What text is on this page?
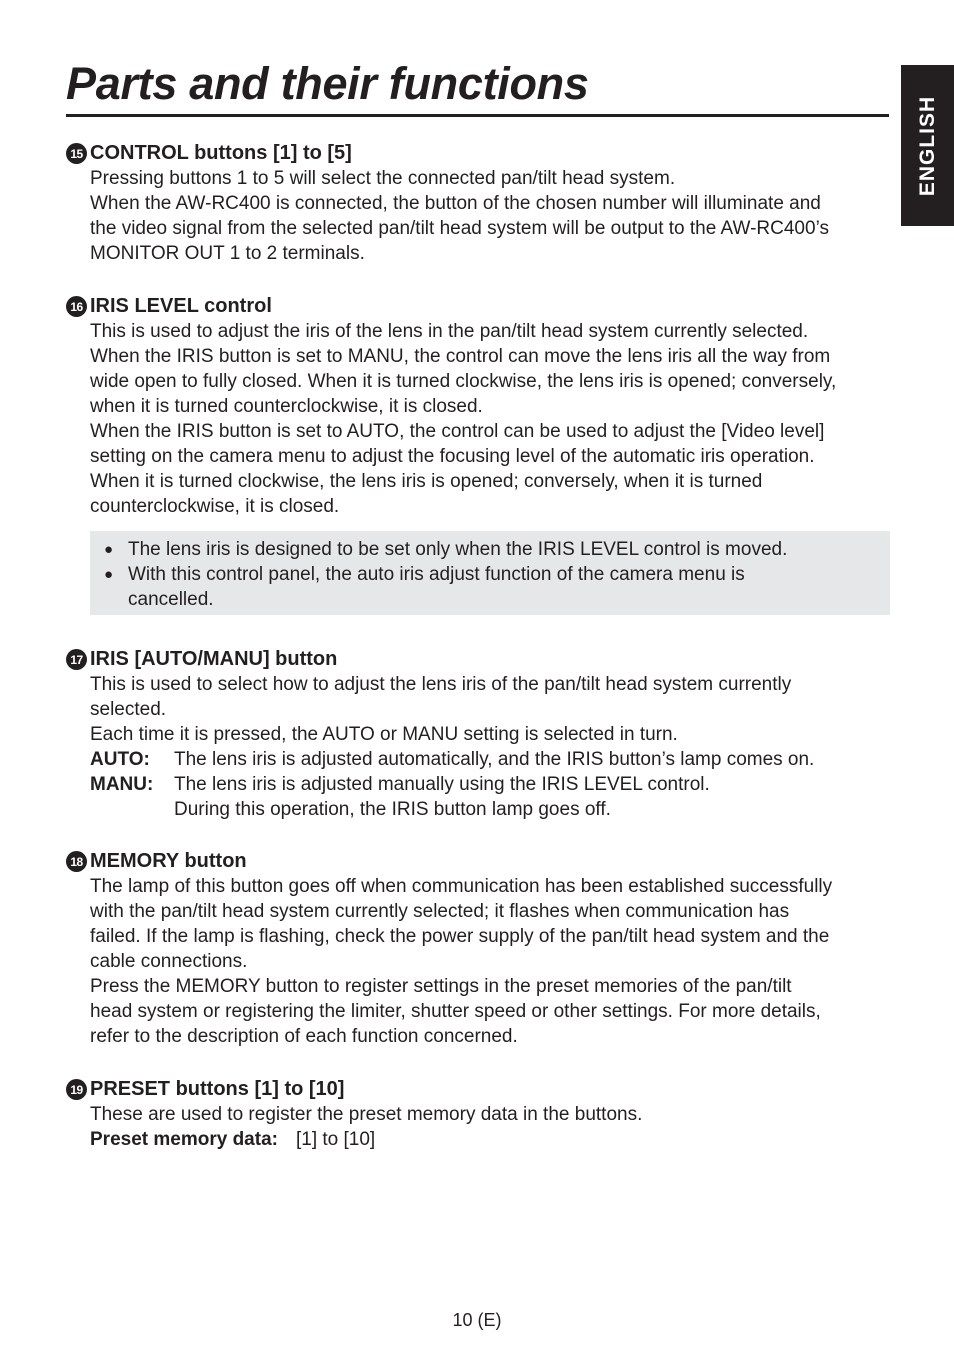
Parts and their functions
ENGLISH
15 CONTROL buttons [1] to [5]

Pressing buttons 1 to 5 will select the connected pan/tilt head system.

When the AW-RC400 is connected, the button of the chosen number will illuminate and

the video signal from the selected pan/tilt head system will be output to the AW-RC400’s

MONITOR OUT 1 to 2 terminals.

16 IRIS LEVEL control

This is used to adjust the iris of the lens in the pan/tilt head system currently selected.

When the IRIS button is set to MANU, the control can move the lens iris all the way from

wide open to fully closed. When it is turned clockwise, the lens iris is opened; conversely,

when it is turned counterclockwise, it is closed.

When the IRIS button is set to AUTO, the control can be used to adjust the [Video level]

setting on the camera menu to adjust the focusing level of the automatic iris operation.

When it is turned clockwise, the lens iris is opened; conversely, when it is turned

counterclockwise, it is closed.

● The lens iris is designed to be set only when the IRIS LEVEL control is moved.

● With this control panel, the auto iris adjust function of the camera menu is

cancelled.

17 IRIS [AUTO/MANU] button

This is used to select how to adjust the lens iris of the pan/tilt head system currently

selected.

Each time it is pressed, the AUTO or MANU setting is selected in turn.

AUTO:	The lens iris is adjusted automatically, and the IRIS button’s lamp comes on.

MANU:	The lens iris is adjusted manually using the IRIS LEVEL control.

During this operation, the IRIS button lamp goes off.

18 MEMORY button

The lamp of this button goes off when communication has been established successfully

with the pan/tilt head system currently selected; it flashes when communication has

failed. If the lamp is flashing, check the power supply of the pan/tilt head system and the

cable connections.

Press the MEMORY button to register settings in the preset memories of the pan/tilt

head system or registering the limiter, shutter speed or other settings. For more details,

refer to the description of each function concerned.

19 PRESET buttons [1] to [10]

These are used to register the preset memory data in the buttons.

Preset memory data: [1] to [10]

10 (E)
